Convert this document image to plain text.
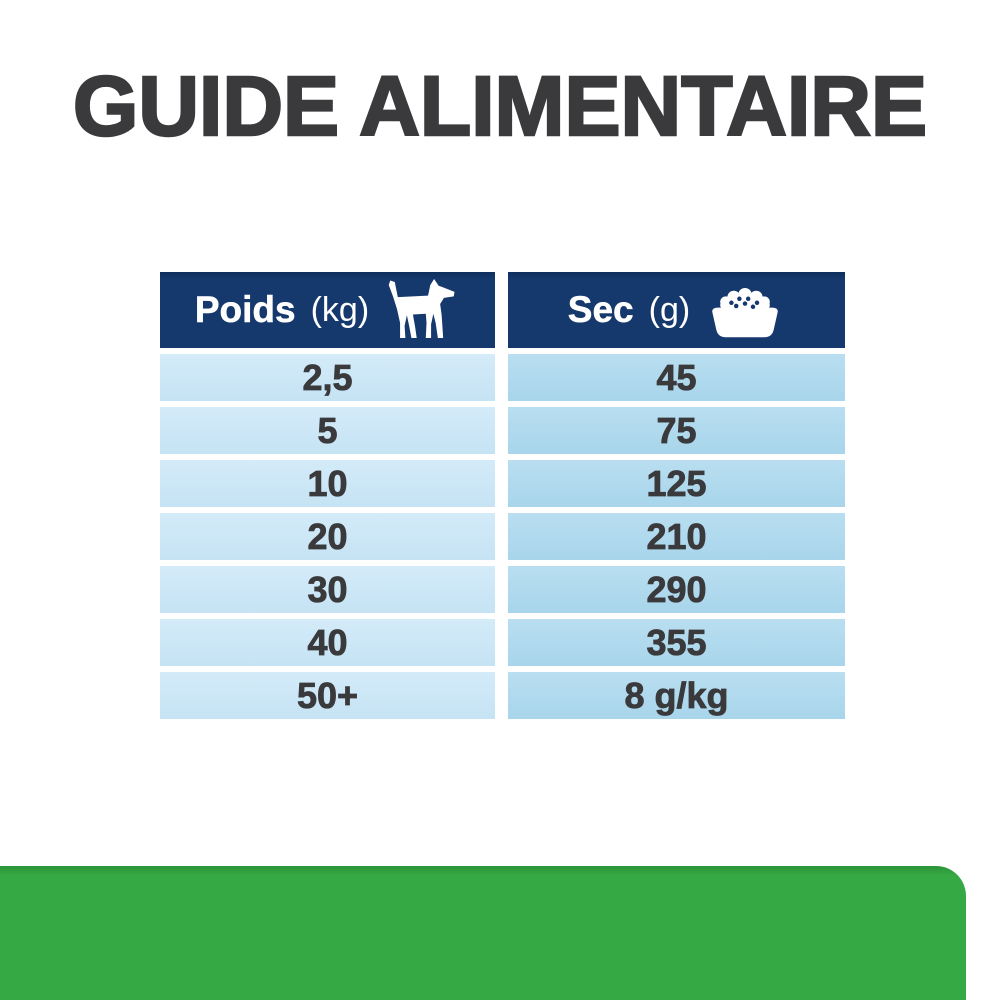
GUIDE ALIMENTAIRE
Poids (kg)	Sec (g)
2,5	45
5	75
10	125
20	210
30	290
40	355
50+	8 g/kg
